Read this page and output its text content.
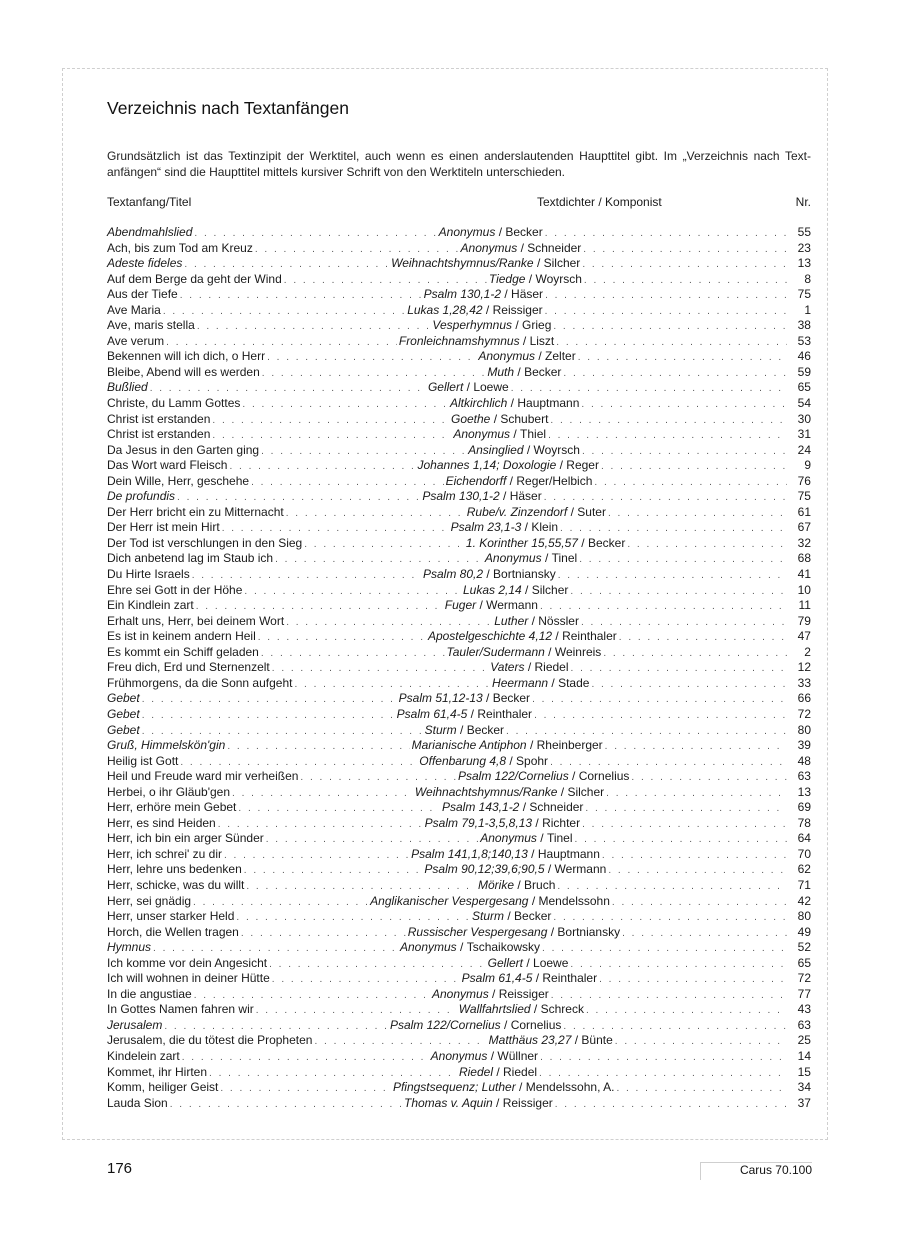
Verzeichnis nach Textanfängen
Grundsätzlich ist das Textinzipit der Werktitel, auch wenn es einen anderslautenden Haupttitel gibt. Im „Verzeichnis nach Textanfängen“ sind die Haupttitel mittels kursiver Schrift von den Werktiteln unterschieden.
Textanfang/Titel	Textdichter / Komponist	Nr.
Abendmahlslied . . .	Anonymus / Becker . . .	55
Ach, bis zum Tod am Kreuz . . .	Anonymus / Schneider . . .	23
Adeste fideles . . .	Weihnachtshymnus/Ranke / Silcher . . .	13
Auf dem Berge da geht der Wind . . .	Tiedge / Woyrsch . . .	8
Aus der Tiefe . . .	Psalm 130,1-2 / Häser . . .	75
Ave Maria . . .	Lukas 1,28,42 / Reissiger . . .	1
Ave, maris stella . . .	Vesperhymnus / Grieg . . .	38
Ave verum . . .	Fronleichnamshymnus / Liszt . . .	53
Bekennen will ich dich, o Herr . . .	Anonymus / Zelter . . .	46
Bleibe, Abend will es werden . . .	Muth / Becker . . .	59
Bußlied . . .	Gellert / Loewe . . .	65
Christe, du Lamm Gottes . . .	Altkirchlich / Hauptmann . . .	54
Christ ist erstanden . . .	Goethe / Schubert . . .	30
Christ ist erstanden . . .	Anonymus / Thiel . . .	31
Da Jesus in den Garten ging . . .	Ansinglied / Woyrsch . . .	24
Das Wort ward Fleisch . . .	Johannes 1,14; Doxologie / Reger . . .	9
Dein Wille, Herr, geschehe . . .	Eichendorff / Reger/Helbich . . .	76
De profundis . . .	Psalm 130,1-2 / Häser . . .	75
Der Herr bricht ein zu Mitternacht . . .	Rube/v. Zinzendorf / Suter . . .	61
Der Herr ist mein Hirt . . .	Psalm 23,1-3 / Klein . . .	67
Der Tod ist verschlungen in den Sieg . . .	1. Korinther 15,55,57 / Becker . . .	32
Dich anbetend lag im Staub ich . . .	Anonymus / Tinel . . .	68
Du Hirte Israels . . .	Psalm 80,2 / Bortniansky . . .	41
Ehre sei Gott in der Höhe . . .	Lukas 2,14 / Silcher . . .	10
Ein Kindlein zart . . .	Fuger / Wermann . . .	11
Erhalt uns, Herr, bei deinem Wort . . .	Luther / Nössler . . .	79
Es ist in keinem andern Heil . . .	Apostelgeschichte 4,12 / Reinthaler . . .	47
Es kommt ein Schiff geladen . . .	Tauler/Sudermann / Weinreis . . .	2
Freu dich, Erd und Sternenzelt . . .	Vaters / Riedel . . .	12
Frühmorgens, da die Sonn aufgeht . . .	Heermann / Stade . . .	33
Gebet . . .	Psalm 51,12-13 / Becker . . .	66
Gebet . . .	Psalm 61,4-5 / Reinthaler . . .	72
Gebet . . .	Sturm / Becker . . .	80
Gruß, Himmelskön'gin . . .	Marianische Antiphon / Rheinberger . . .	39
Heilig ist Gott . . .	Offenbarung 4,8 / Spohr . . .	48
Heil und Freude ward mir verheißen . . .	Psalm 122/Cornelius / Cornelius . . .	63
Herbei, o ihr Gläub'gen . . .	Weihnachtshymnus/Ranke / Silcher . . .	13
Herr, erhöre mein Gebet . . .	Psalm 143,1-2 / Schneider . . .	69
Herr, es sind Heiden . . .	Psalm 79,1-3,5,8,13 / Richter . . .	78
Herr, ich bin ein arger Sünder . . .	Anonymus / Tinel . . .	64
Herr, ich schrei' zu dir . . .	Psalm 141,1,8;140,13 / Hauptmann . . .	70
Herr, lehre uns bedenken . . .	Psalm 90,12;39,6;90,5 / Wermann . . .	62
Herr, schicke, was du willt . . .	Mörike / Bruch . . .	71
Herr, sei gnädig . . .	Anglikanischer Vespergesang / Mendelssohn . . .	42
Herr, unser starker Held . . .	Sturm / Becker . . .	80
Horch, die Wellen tragen . . .	Russischer Vespergesang / Bortniansky . . .	49
Hymnus . . .	Anonymus / Tschaikowsky . . .	52
Ich komme vor dein Angesicht . . .	Gellert / Loewe . . .	65
Ich will wohnen in deiner Hütte . . .	Psalm 61,4-5 / Reinthaler . . .	72
In die angustiae . . .	Anonymus / Reissiger . . .	77
In Gottes Namen fahren wir . . .	Wallfahrtslied / Schreck . . .	43
Jerusalem . . .	Psalm 122/Cornelius / Cornelius . . .	63
Jerusalem, die du tötest die Propheten . . .	Matthäus 23,27 / Bünte . . .	25
Kindelein zart . . .	Anonymus / Wüllner . . .	14
Kommet, ihr Hirten . . .	Riedel / Riedel . . .	15
Komm, heiliger Geist . . .	Pfingstsequenz; Luther / Mendelssohn, A. . . .	34
Lauda Sion . . .	Thomas v. Aquin / Reissiger . . .	37
176	Carus 70.100
